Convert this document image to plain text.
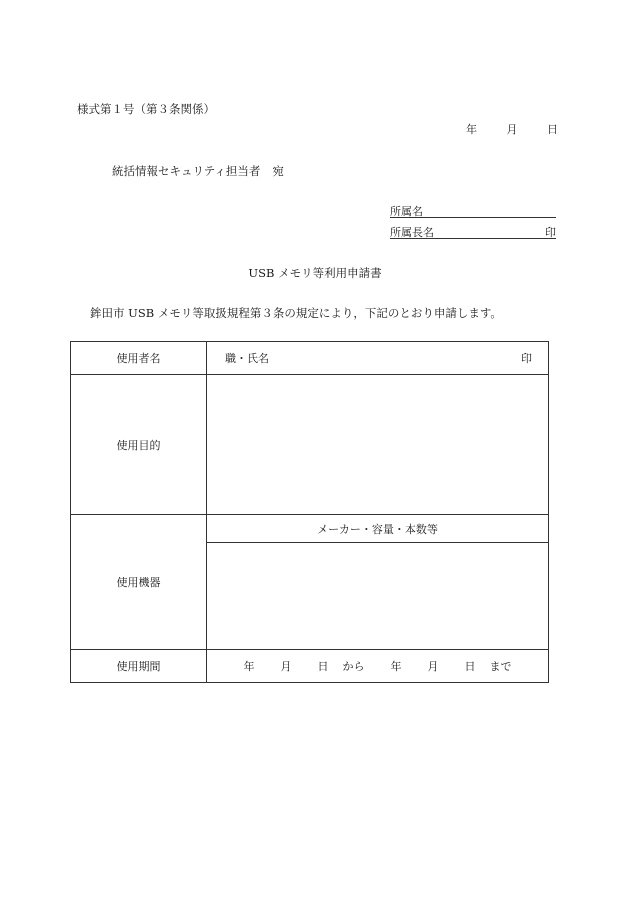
様式第１号（第３条関係）
年	月	日
統括情報セキュリティ担当者 宛
所属名
所属長名	印
USB メモリ等利用申請書
鉾田市 USB メモリ等取扱規程第３条の規定により，下記のとおり申請します。
使用者名	職・氏名 印

使用目的	
使用機器	メーカー・容量・本数等

使用期間	年 月 日 から 年 月 日 まで
